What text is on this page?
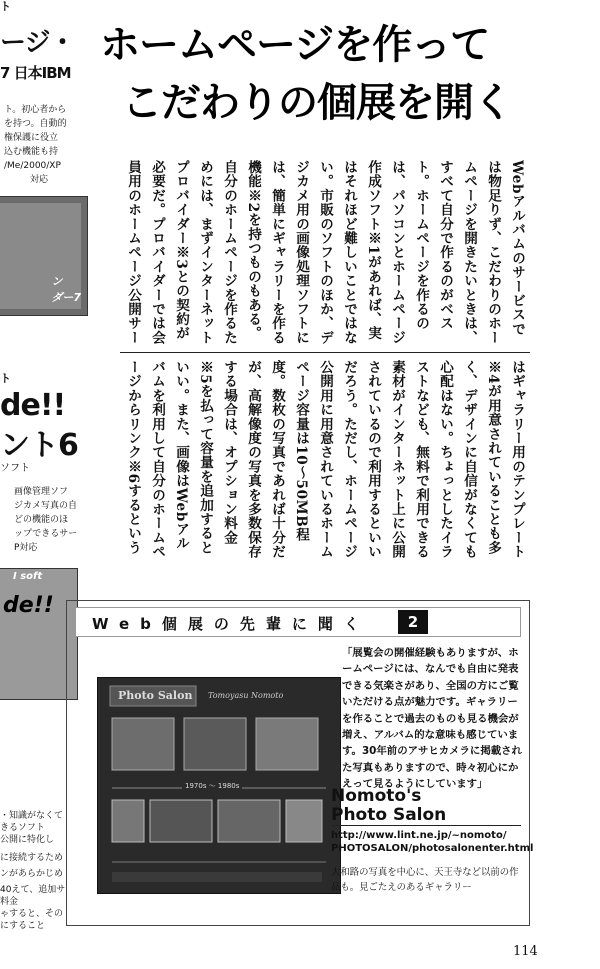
ト
ージ・
7 日本IBM
ト。初心者から
を持つ。自動的
権保護に役立
込む機能も持
/Me/2000/XP
対応
ン
ダー7
ト
de!!
ント6
ソフト
画像管理ソフ
ジカメ写真の自
どの機能のほ
ップできるサー
P対応
I soft
de!!
・知識がなくて
きるソフト
公開に特化し
に接続するため
ンがあらかじめ
40えて、追加サ
料金
ゃすると、その
にすること
ホームページを作って
こだわりの個展を開く
Webアルバムのサービスでは物足りず、こだわりのホームページを開きたいときは、すべて自分で作るのがベスト。ホームページを作るのは、パソコンとホームページ作成ソフト※1があれば、実はそれほど難しいことではない。市販のソフトのほか、デジカメ用の画像処理ソフトには、簡単にギャラリーを作る機能※2を持つものもある。自分のホームページを作るためには、まずインターネットプロバイダー※3との契約が必要だ。プロバイダーでは会員用のホームページ公開サー
はギャラリー用のテンプレート※4が用意されていることも多く、デザインに自信がなくても心配はない。ちょっとしたイラストなども、無料で利用できる素材がインターネット上に公開されているので利用するといいだろう。ただし、ホームページ公開用に用意されているホームページ容量は10〜50MB程度。数枚の写真であれば十分だが、高解像度の写真を多数保存する場合は、オプション料金※5を払って容量を追加するといい。また、画像はWebアルバムを利用して自分のホームページからリンク※6するという
Web個展の先輩に聞く	2
Photo Salon Tomoyasu Nomoto
1970s ～ 1980s
「展覧会の開催経験もありますが、ホームページには、なんでも自由に発表できる気楽さがあり、全国の方にご覧いただける点が魅力です。ギャラリーを作ることで過去のものも見る機会が増え、アルバム的な意味も感じています。30年前のアサヒカメラに掲載された写真もありますので、時々初心にかえって見るようにしています」
Nomoto's
Photo Salon
http://www.lint.ne.jp/~nomoto/
PHOTOSALON/photosalonenter.html
大和路の写真を中心に、天王寺など以前の作品も。見ごたえのあるギャラリー
114
